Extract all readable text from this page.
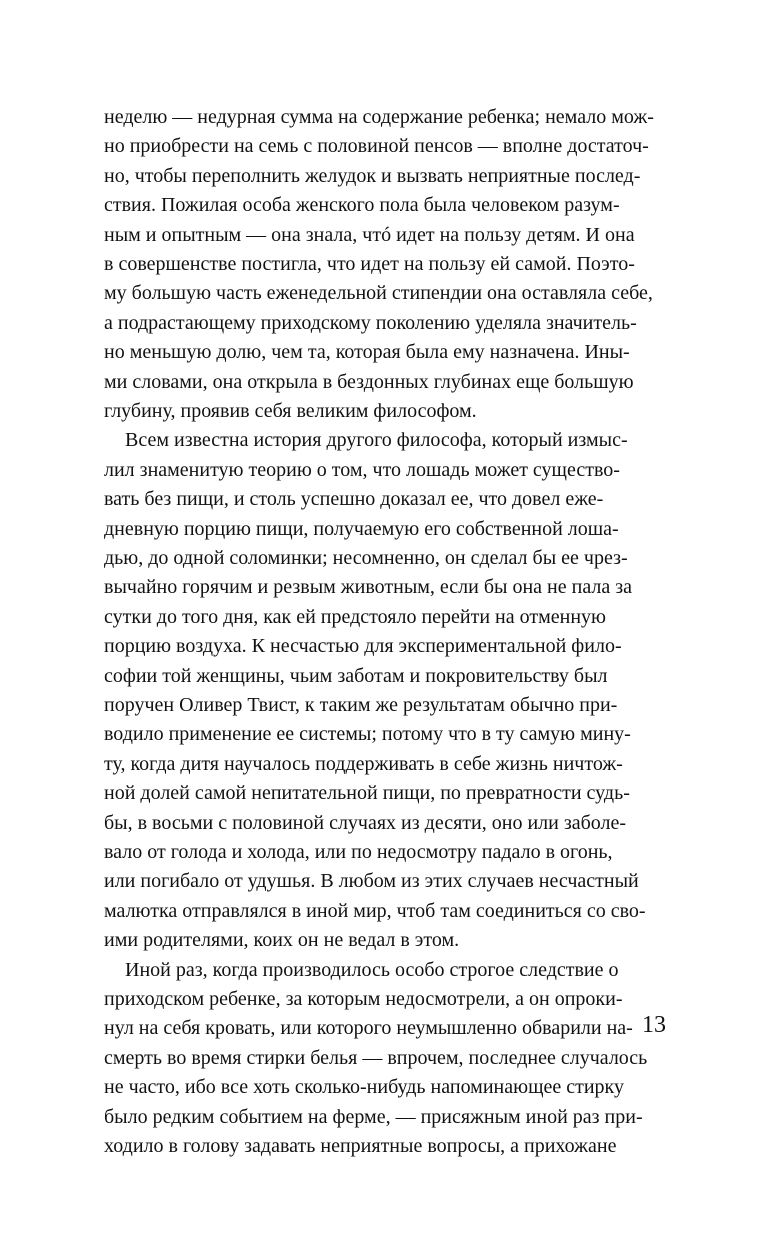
неделю — недурная сумма на содержание ребенка; немало мож-
но приобрести на семь с половиной пенсов — вполне достаточ-
но, чтобы переполнить желудок и вызвать неприятные послед-
ствия. Пожилая особа женского пола была человеком разум-
ным и опытным — она знала, чтó идет на пользу детям. И она
в совершенстве постигла, что идет на пользу ей самой. Поэто-
му большую часть еженедельной стипендии она оставляла себе,
а подрастающему приходскому поколению уделяла значитель-
но меньшую долю, чем та, которая была ему назначена. Ины-
ми словами, она открыла в бездонных глубинах еще большую
глубину, проявив себя великим философом.
Всем известна история другого философа, который измыс-
лил знаменитую теорию о том, что лошадь может существо-
вать без пищи, и столь успешно доказал ее, что довел еже-
дневную порцию пищи, получаемую его собственной лоша-
дью, до одной соломинки; несомненно, он сделал бы ее чрез-
вычайно горячим и резвым животным, если бы она не пала за
сутки до того дня, как ей предстояло перейти на отменную
порцию воздуха. К несчастью для экспериментальной фило-
софии той женщины, чьим заботам и покровительству был
поручен Оливер Твист, к таким же результатам обычно при-
водило применение ее системы; потому что в ту самую мину-
ту, когда дитя научалось поддерживать в себе жизнь ничтож-
ной долей самой непитательной пищи, по превратности судь-
бы, в восьми с половиной случаях из десяти, оно или заболе-
вало от голода и холода, или по недосмотру падало в огонь,
или погибало от удушья. В любом из этих случаев несчастный
малютка отправлялся в иной мир, чтоб там соединиться со сво-
ими родителями, коих он не ведал в этом.
Иной раз, когда производилось особо строгое следствие о
приходском ребенке, за которым недосмотрели, а он опроки-
нул на себя кровать, или которого неумышленно обварили на-
смерть во время стирки белья — впрочем, последнее случалось
не часто, ибо все хоть сколько-нибудь напоминающее стирку
было редким событием на ферме, — присяжным иной раз при-
ходило в голову задавать неприятные вопросы, а прихожане
13
